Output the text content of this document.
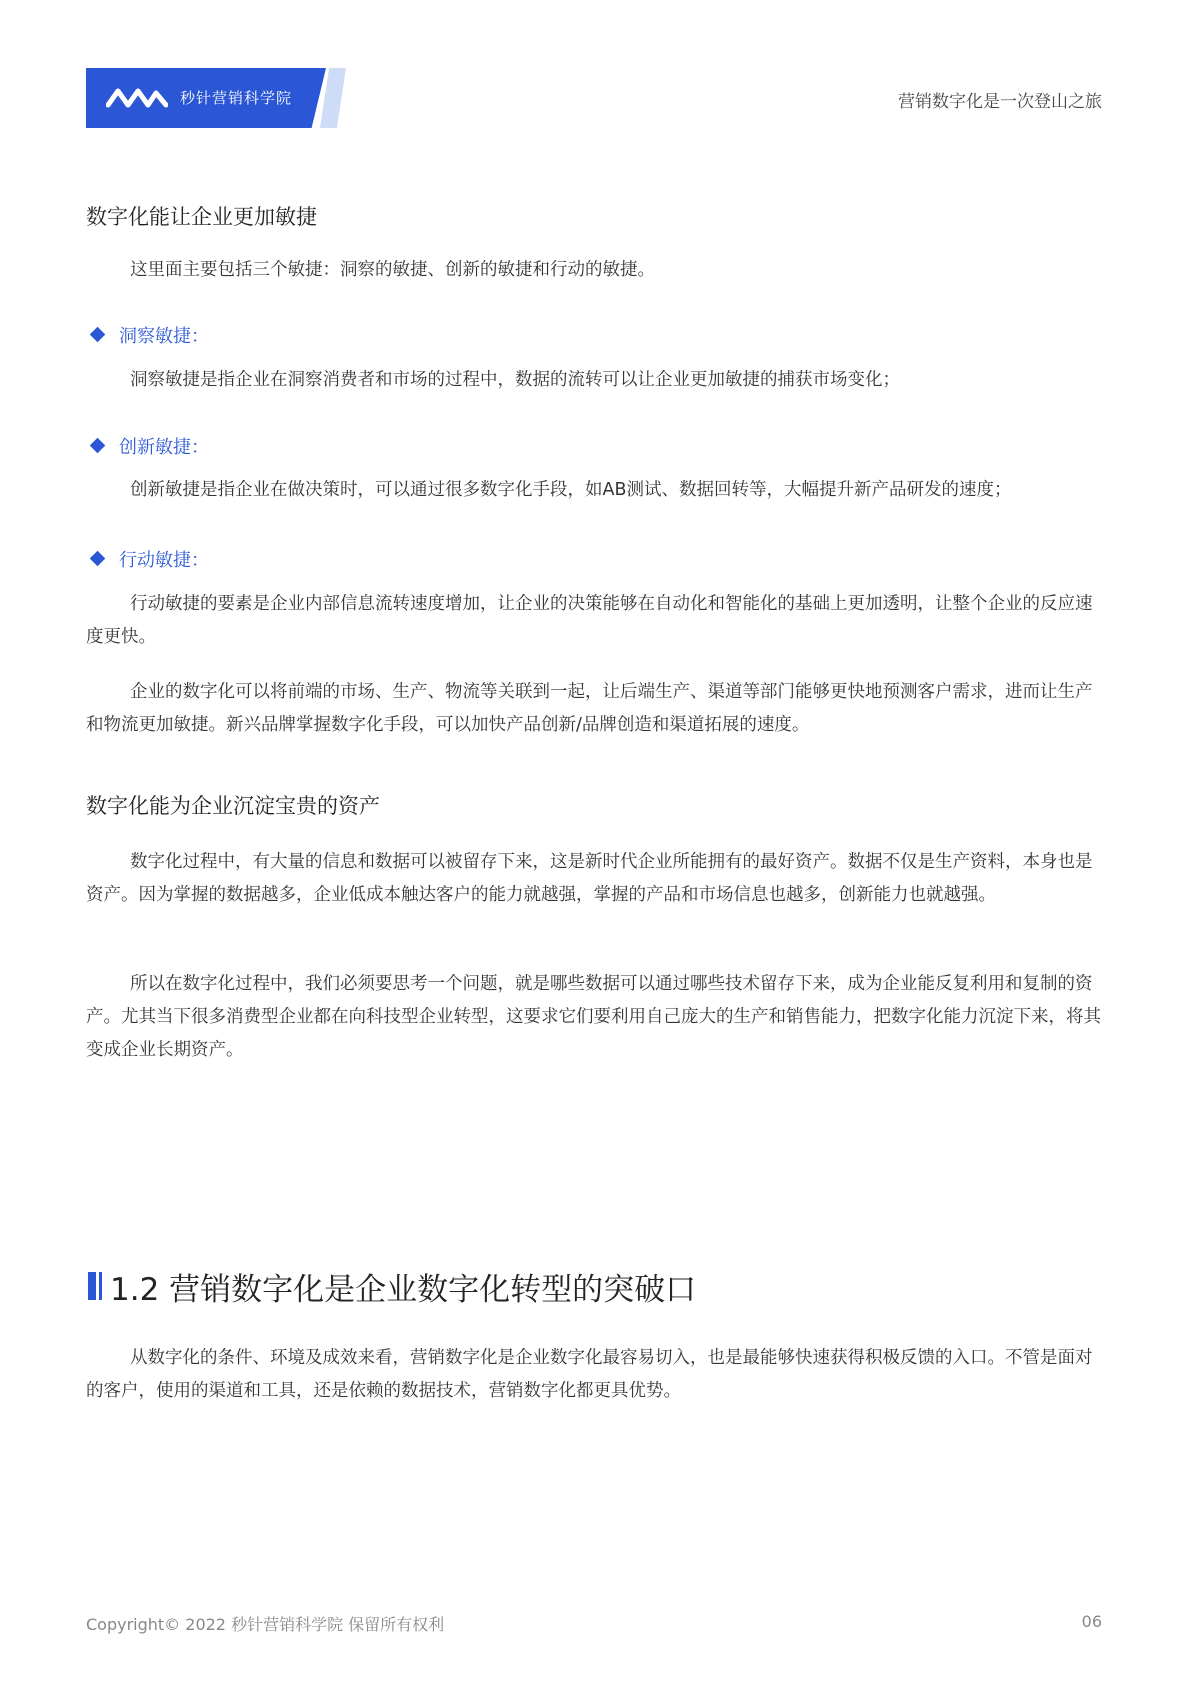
秒针营销科学院	营销数字化是一次登山之旅
数字化能让企业更加敏捷
这里面主要包括三个敏捷：洞察的敏捷、创新的敏捷和行动的敏捷。
洞察敏捷：
洞察敏捷是指企业在洞察消费者和市场的过程中，数据的流转可以让企业更加敏捷的捕获市场变化；
创新敏捷：
创新敏捷是指企业在做决策时，可以通过很多数字化手段，如AB测试、数据回转等，大幅提升新产品研发的速度；
行动敏捷：
行动敏捷的要素是企业内部信息流转速度增加，让企业的决策能够在自动化和智能化的基础上更加透明，让整个企业的反应速度更快。
企业的数字化可以将前端的市场、生产、物流等关联到一起，让后端生产、渠道等部门能够更快地预测客户需求，进而让生产和物流更加敏捷。新兴品牌掌握数字化手段，可以加快产品创新/品牌创造和渠道拓展的速度。
数字化能为企业沉淀宝贵的资产
数字化过程中，有大量的信息和数据可以被留存下来，这是新时代企业所能拥有的最好资产。数据不仅是生产资料，本身也是资产。因为掌握的数据越多，企业低成本触达客户的能力就越强，掌握的产品和市场信息也越多，创新能力也就越强。
所以在数字化过程中，我们必须要思考一个问题，就是哪些数据可以通过哪些技术留存下来，成为企业能反复利用和复制的资产。尤其当下很多消费型企业都在向科技型企业转型，这要求它们要利用自己庞大的生产和销售能力，把数字化能力沉淀下来，将其变成企业长期资产。
1.2 营销数字化是企业数字化转型的突破口
从数字化的条件、环境及成效来看，营销数字化是企业数字化最容易切入，也是最能够快速获得积极反馈的入口。不管是面对的客户，使用的渠道和工具，还是依赖的数据技术，营销数字化都更具优势。
Copyright© 2022 秒针营销科学院 保留所有权利	06
